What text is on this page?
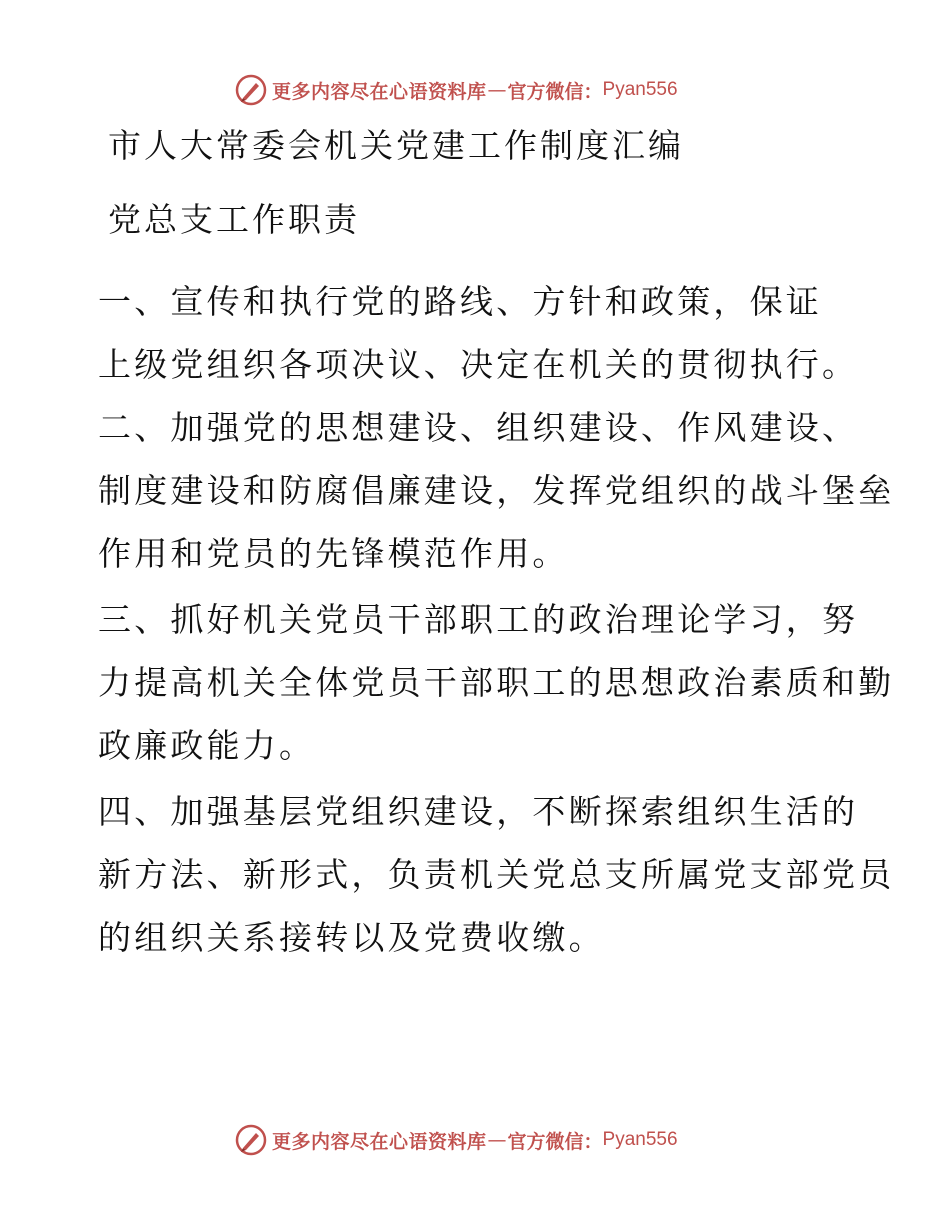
更多内容尽在心语资料库 — 官方微信： Pyan556
市人大常委会机关党建工作制度汇编
党总支工作职责
一、宣传和执行党的路线、方针和政策，保证
上级党组织各项决议、决定在机关的贯彻执行。
二、加强党的思想建设、组织建设、作风建设、
制度建设和防腐倡廉建设，发挥党组织的战斗堡垒
作用和党员的先锋模范作用。
三、抓好机关党员干部职工的政治理论学习，努
力提高机关全体党员干部职工的思想政治素质和勤
政廉政能力。
四、加强基层党组织建设，不断探索组织生活的
新方法、新形式，负责机关党总支所属党支部党员
的组织关系接转以及党费收缴。
更多内容尽在心语资料库 — 官方微信： Pyan556
